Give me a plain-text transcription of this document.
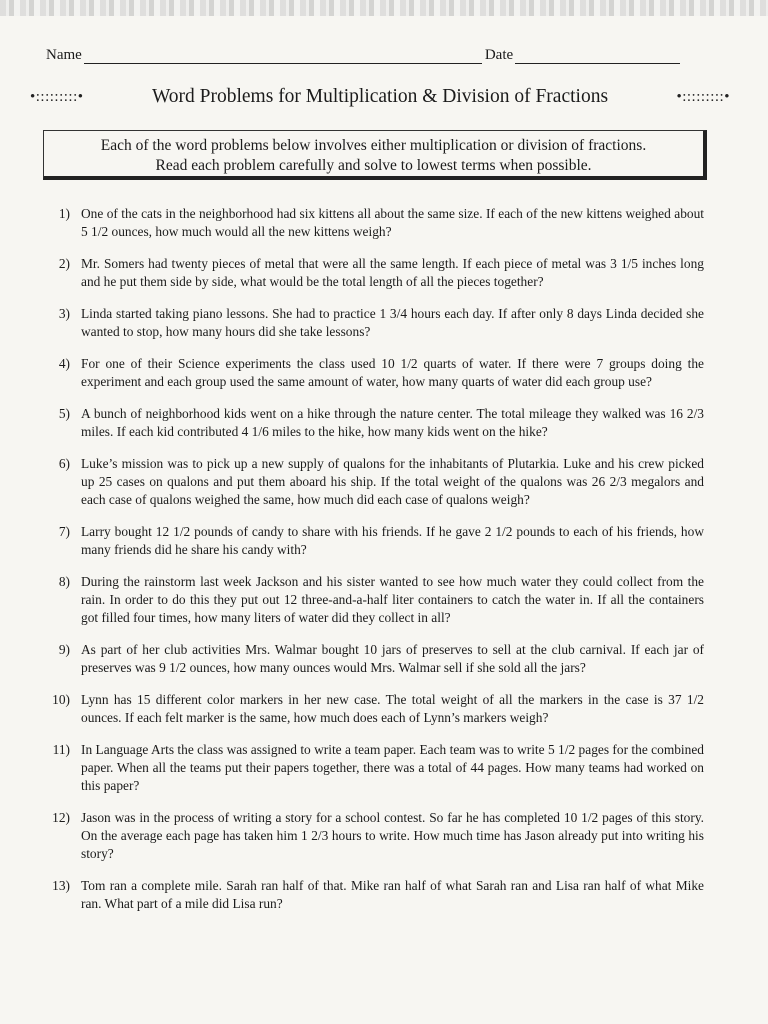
Name	Date
•:::::::::•	Word Problems for Multiplication & Division of Fractions	•:::::::::•
Each of the word problems below involves either multiplication or division of fractions.
Read each problem carefully and solve to lowest terms when possible.
1) One of the cats in the neighborhood had six kittens all about the same size. If each of the new kittens weighed about 5 1/2 ounces, how much would all the new kittens weigh?
2) Mr. Somers had twenty pieces of metal that were all the same length. If each piece of metal was 3 1/5 inches long and he put them side by side, what would be the total length of all the pieces together?
3) Linda started taking piano lessons. She had to practice 1 3/4 hours each day. If after only 8 days Linda decided she wanted to stop, how many hours did she take lessons?
4) For one of their Science experiments the class used 10 1/2 quarts of water. If there were 7 groups doing the experiment and each group used the same amount of water, how many quarts of water did each group use?
5) A bunch of neighborhood kids went on a hike through the nature center. The total mileage they walked was 16 2/3 miles. If each kid contributed 4 1/6 miles to the hike, how many kids went on the hike?
6) Luke’s mission was to pick up a new supply of qualons for the inhabitants of Plutarkia. Luke and his crew picked up 25 cases on qualons and put them aboard his ship. If the total weight of the qualons was 26 2/3 megalors and each case of qualons weighed the same, how much did each case of qualons weigh?
7) Larry bought 12 1/2 pounds of candy to share with his friends. If he gave 2 1/2 pounds to each of his friends, how many friends did he share his candy with?
8) During the rainstorm last week Jackson and his sister wanted to see how much water they could collect from the rain. In order to do this they put out 12 three-and-a-half liter containers to catch the water in. If all the containers got filled four times, how many liters of water did they collect in all?
9) As part of her club activities Mrs. Walmar bought 10 jars of preserves to sell at the club carnival. If each jar of preserves was 9 1/2 ounces, how many ounces would Mrs. Walmar sell if she sold all the jars?
10) Lynn has 15 different color markers in her new case. The total weight of all the markers in the case is 37 1/2 ounces. If each felt marker is the same, how much does each of Lynn’s markers weigh?
11) In Language Arts the class was assigned to write a team paper. Each team was to write 5 1/2 pages for the combined paper. When all the teams put their papers together, there was a total of 44 pages. How many teams had worked on this paper?
12) Jason was in the process of writing a story for a school contest. So far he has completed 10 1/2 pages of this story. On the average each page has taken him 1 2/3 hours to write. How much time has Jason already put into writing his story?
13) Tom ran a complete mile. Sarah ran half of that. Mike ran half of what Sarah ran and Lisa ran half of what Mike ran. What part of a mile did Lisa run?
